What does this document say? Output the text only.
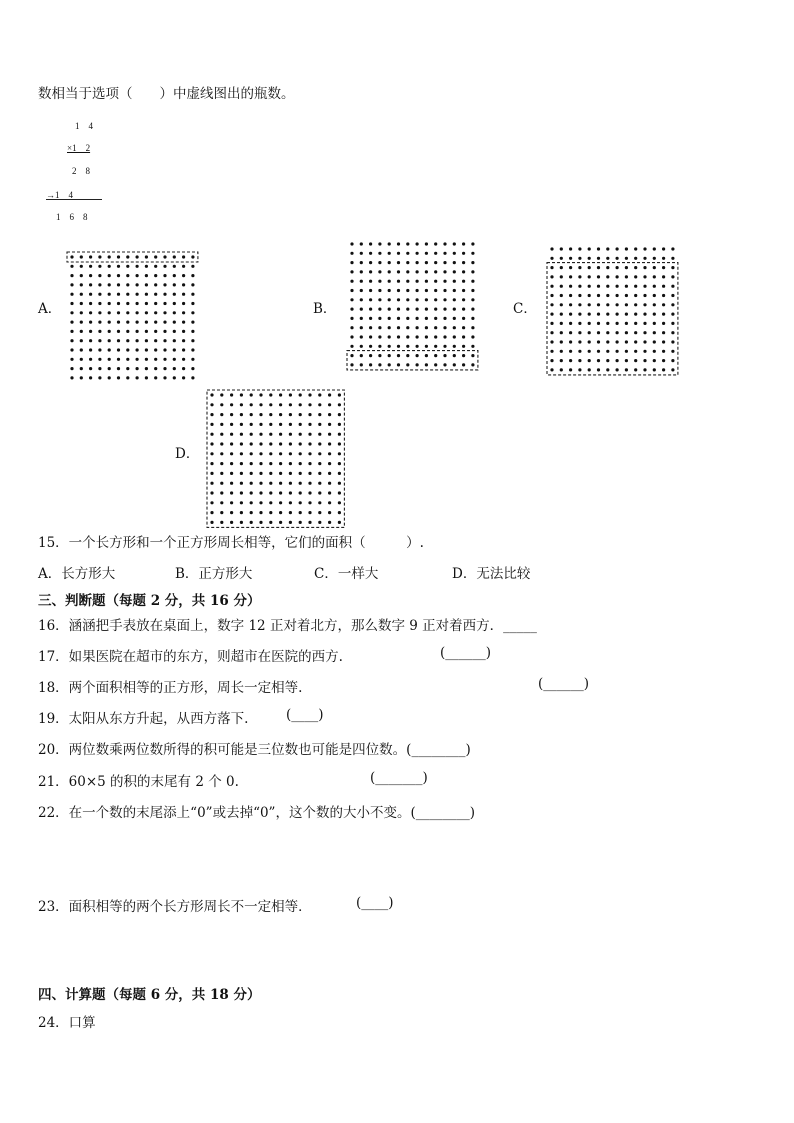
数相当于选项（　　）中虚线图出的瓶数。
1　4
×1　2
2　8
→1　4
1　6　8
A．	B．	C．
D．
15．一个长方形和一个正方形周长相等，它们的面积（　　　）.
A．长方形大	B．正方形大	C．一样大	D．无法比较
三、判断题（每题 2 分，共 16 分）
16．涵涵把手表放在桌面上，数字 12 正对着北方，那么数字 9 正对着西方．_____
17．如果医院在超市的东方，则超市在医院的西方.	(______)
18．两个面积相等的正方形，周长一定相等.	(______)
19．太阳从东方升起，从西方落下.	(____)
20．两位数乘两位数所得的积可能是三位数也可能是四位数。(________)
21．60×5 的积的末尾有 2 个 0.	(_______)
22．在一个数的末尾添上“0”或去掉“0”，这个数的大小不变。(________)
23．面积相等的两个长方形周长不一定相等．	(____)
四、计算题（每题 6 分，共 18 分）
24．口算
